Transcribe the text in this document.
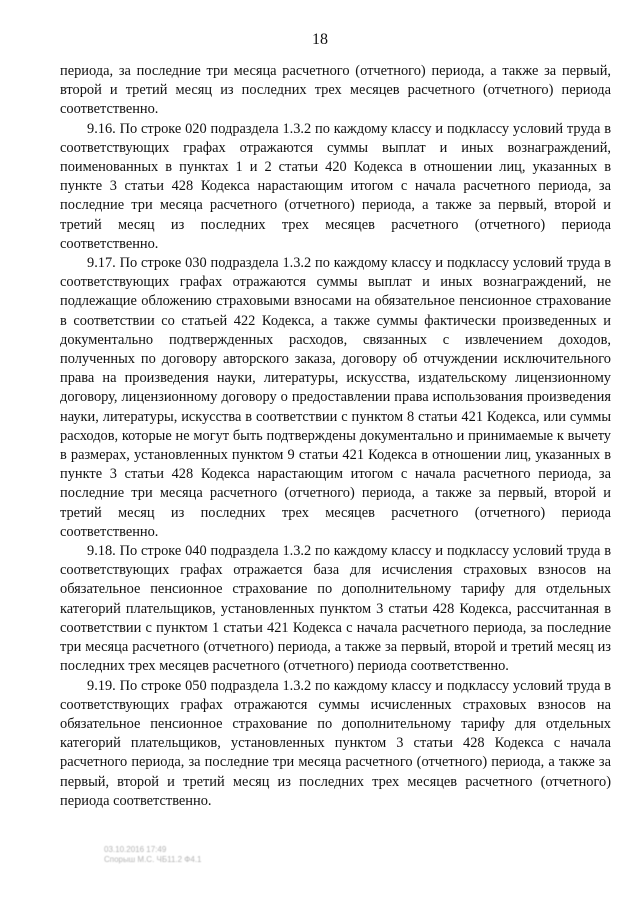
18

периода, за последние три месяца расчетного (отчетного) периода, а также за первый, второй и третий месяц из последних трех месяцев расчетного (отчетного) периода соответственно.

9.16. По строке 020 подраздела 1.3.2 по каждому классу и подклассу условий труда в соответствующих графах отражаются суммы выплат и иных вознаграждений, поименованных в пунктах 1 и 2 статьи 420 Кодекса в отношении лиц, указанных в пункте 3 статьи 428 Кодекса нарастающим итогом с начала расчетного периода, за последние три месяца расчетного (отчетного) периода, а также за первый, второй и третий месяц из последних трех месяцев расчетного (отчетного) периода соответственно.

9.17. По строке 030 подраздела 1.3.2 по каждому классу и подклассу условий труда в соответствующих графах отражаются суммы выплат и иных вознаграждений, не подлежащие обложению страховыми взносами на обязательное пенсионное страхование в соответствии со статьей 422 Кодекса, а также суммы фактически произведенных и документально подтвержденных расходов, связанных с извлечением доходов, полученных по договору авторского заказа, договору об отчуждении исключительного права на произведения науки, литературы, искусства, издательскому лицензионному договору, лицензионному договору о предоставлении права использования произведения науки, литературы, искусства в соответствии с пунктом 8 статьи 421 Кодекса, или суммы расходов, которые не могут быть подтверждены документально и принимаемые к вычету в размерах, установленных пунктом 9 статьи 421 Кодекса в отношении лиц, указанных в пункте 3 статьи 428 Кодекса нарастающим итогом с начала расчетного периода, за последние три месяца расчетного (отчетного) периода, а также за первый, второй и третий месяц из последних трех месяцев расчетного (отчетного) периода соответственно.

9.18. По строке 040 подраздела 1.3.2 по каждому классу и подклассу условий труда в соответствующих графах отражается база для исчисления страховых взносов на обязательное пенсионное страхование по дополнительному тарифу для отдельных категорий плательщиков, установленных пунктом 3 статьи 428 Кодекса, рассчитанная в соответствии с пунктом 1 статьи 421 Кодекса с начала расчетного периода, за последние три месяца расчетного (отчетного) периода, а также за первый, второй и третий месяц из последних трех месяцев расчетного (отчетного) периода соответственно.

9.19. По строке 050 подраздела 1.3.2 по каждому классу и подклассу условий труда в соответствующих графах отражаются суммы исчисленных страховых взносов на обязательное пенсионное страхование по дополнительному тарифу для отдельных категорий плательщиков, установленных пунктом 3 статьи 428 Кодекса с начала расчетного периода, за последние три месяца расчетного (отчетного) периода, а также за первый, второй и третий месяц из последних трех месяцев расчетного (отчетного) периода соответственно.

03.10.2016 17:49
Спорыш М.С. ЧБ11.2 Ф4.1
